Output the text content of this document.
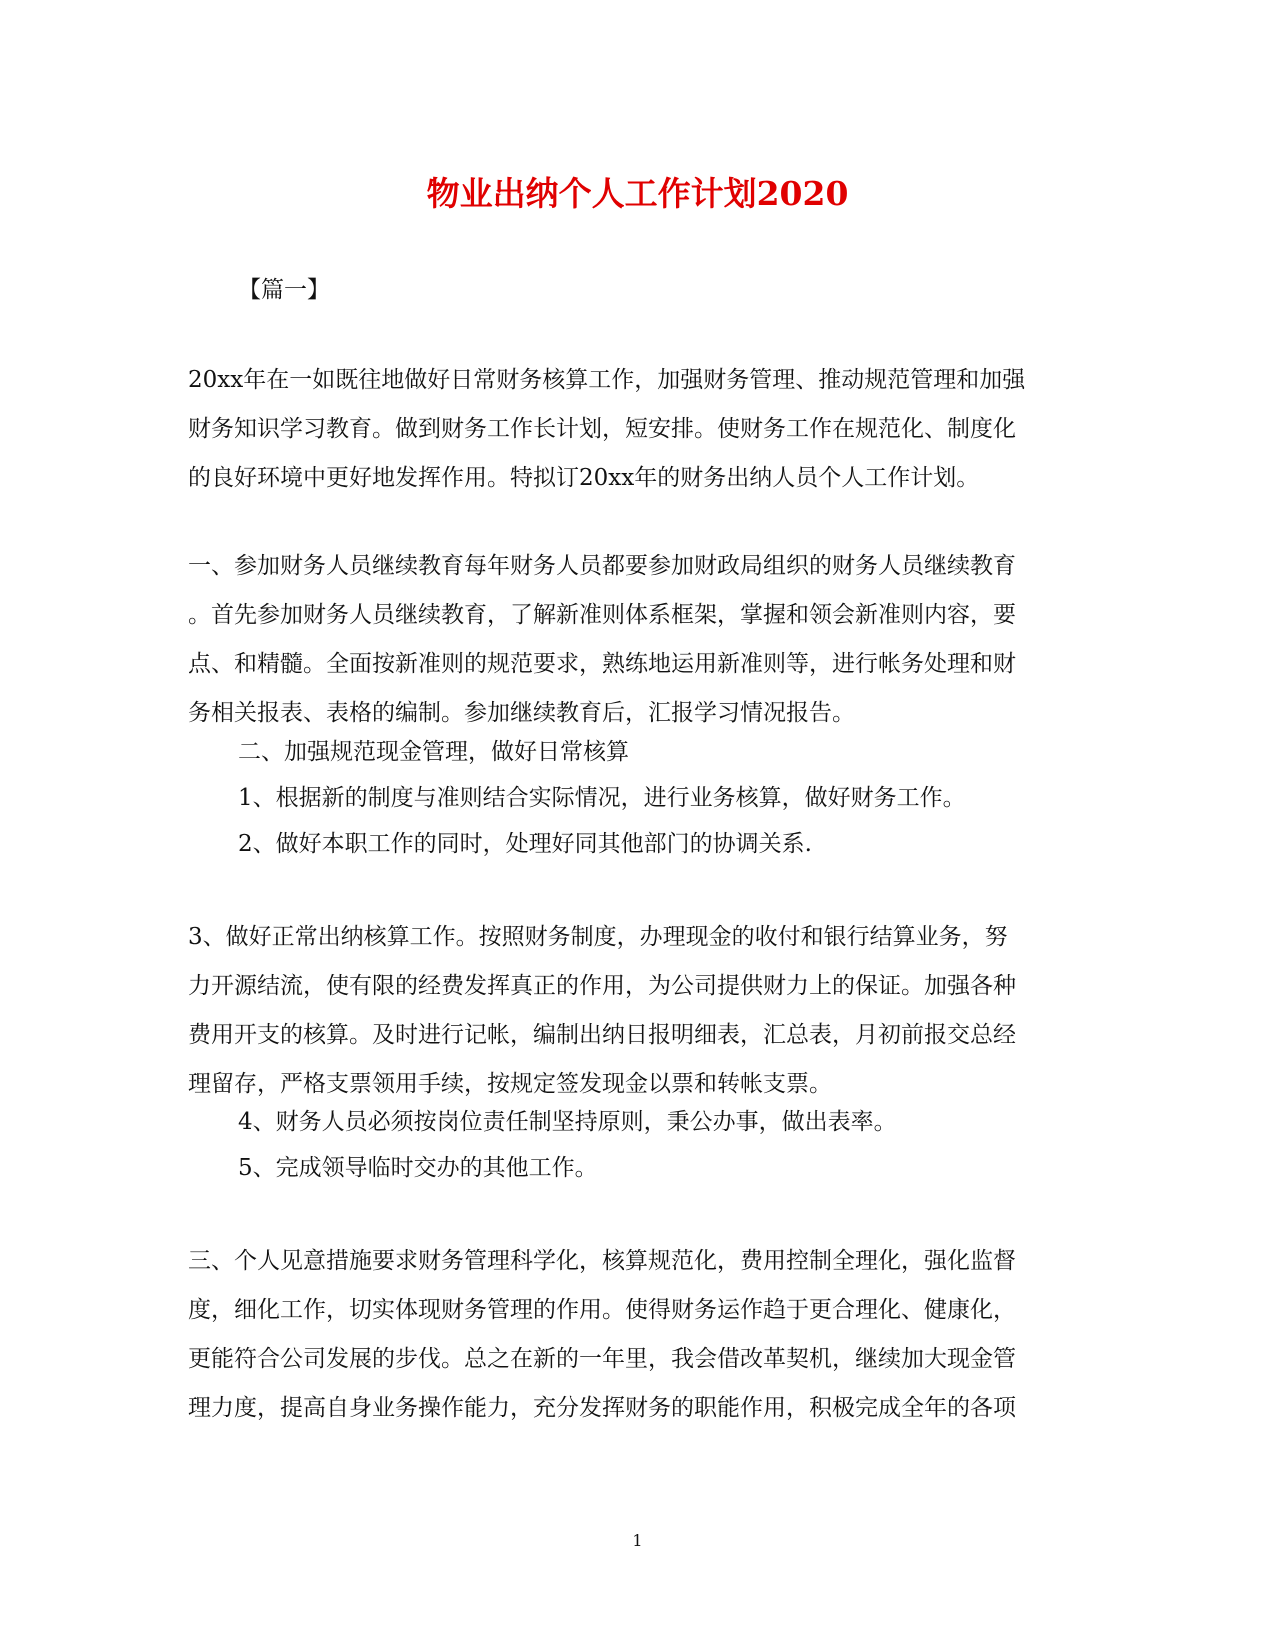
物业出纳个人工作计划2020
【篇一】
20xx年在一如既往地做好日常财务核算工作，加强财务管理、推动规范管理和加强
财务知识学习教育。做到财务工作长计划，短安排。使财务工作在规范化、制度化
的良好环境中更好地发挥作用。特拟订20xx年的财务出纳人员个人工作计划。
一、参加财务人员继续教育每年财务人员都要参加财政局组织的财务人员继续教育
。首先参加财务人员继续教育，了解新准则体系框架，掌握和领会新准则内容，要
点、和精髓。全面按新准则的规范要求，熟练地运用新准则等，进行帐务处理和财
务相关报表、表格的编制。参加继续教育后，汇报学习情况报告。
二、加强规范现金管理，做好日常核算
1、根据新的制度与准则结合实际情况，进行业务核算，做好财务工作。
2、做好本职工作的同时，处理好同其他部门的协调关系.
3、做好正常出纳核算工作。按照财务制度，办理现金的收付和银行结算业务，努
力开源结流，使有限的经费发挥真正的作用，为公司提供财力上的保证。加强各种
费用开支的核算。及时进行记帐，编制出纳日报明细表，汇总表，月初前报交总经
理留存，严格支票领用手续，按规定签发现金以票和转帐支票。
4、财务人员必须按岗位责任制坚持原则，秉公办事，做出表率。
5、完成领导临时交办的其他工作。
三、个人见意措施要求财务管理科学化，核算规范化，费用控制全理化，强化监督
度，细化工作，切实体现财务管理的作用。使得财务运作趋于更合理化、健康化，
更能符合公司发展的步伐。总之在新的一年里，我会借改革契机，继续加大现金管
理力度，提高自身业务操作能力，充分发挥财务的职能作用，积极完成全年的各项
1
